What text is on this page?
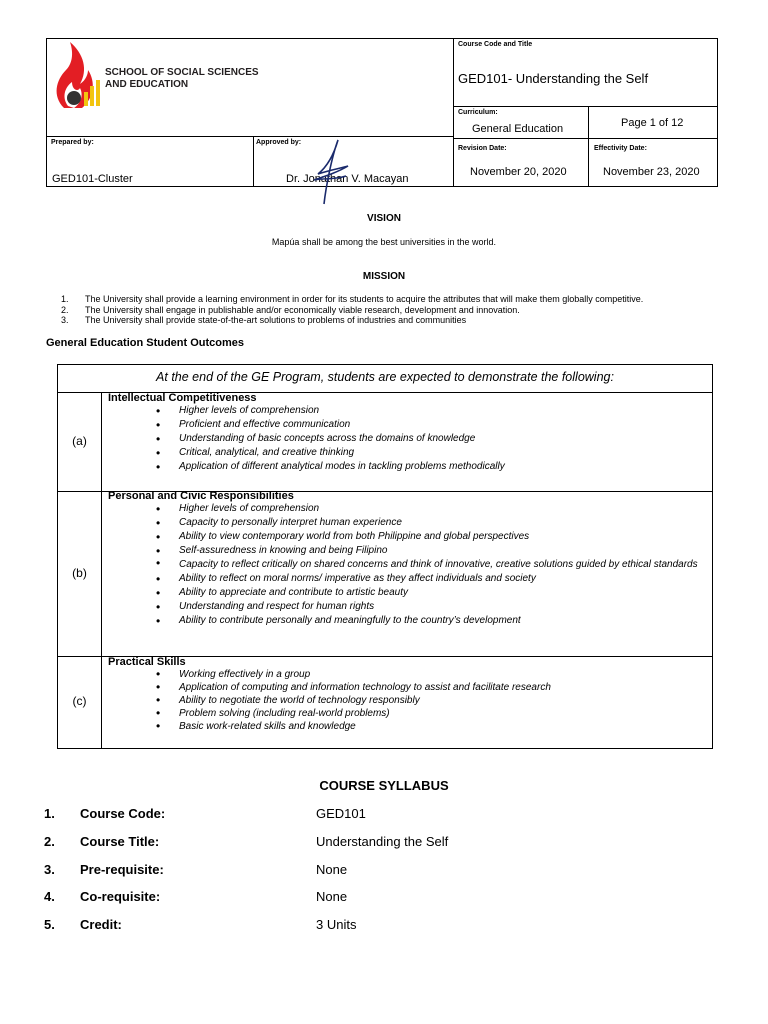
SCHOOL OF SOCIAL SCIENCES
AND EDUCATION
Course Code and Title
GED101- Understanding the Self
Curriculum:
General Education	Page 1 of 12
Prepared by:
GED101-Cluster
Approved by:
Dr. Jonathan V. Macayan
Revision Date:
November 20, 2020
Effectivity Date:
November 23, 2020
VISION
Mapúa shall be among the best universities in the world.
MISSION
1. The University shall provide a learning environment in order for its students to acquire the attributes that will make them globally competitive.
2. The University shall engage in publishable and/or economically viable research, development and innovation.
3. The University shall provide state-of-the-art solutions to problems of industries and communities
General Education Student Outcomes
At the end of the GE Program, students are expected to demonstrate the following:
(a)
Intellectual Competitiveness
• Higher levels of comprehension
• Proficient and effective communication
• Understanding of basic concepts across the domains of knowledge
• Critical, analytical, and creative thinking
• Application of different analytical modes in tackling problems methodically
(b)
Personal and Civic Responsibilities
• Higher levels of comprehension
• Capacity to personally interpret human experience
• Ability to view contemporary world from both Philippine and global perspectives
• Self-assuredness in knowing and being Filipino
• Capacity to reflect critically on shared concerns and think of innovative, creative solutions guided by ethical standards
• Ability to reflect on moral norms/ imperative as they affect individuals and society
• Ability to appreciate and contribute to artistic beauty
• Understanding and respect for human rights
• Ability to contribute personally and meaningfully to the country’s development
(c)
Practical Skills
• Working effectively in a group
• Application of computing and information technology to assist and facilitate research
• Ability to negotiate the world of technology responsibly
• Problem solving (including real-world problems)
• Basic work-related skills and knowledge
COURSE SYLLABUS
1. Course Code:	GED101
2. Course Title:	Understanding the Self
3. Pre-requisite:	None
4. Co-requisite:	None
5. Credit:	3 Units
